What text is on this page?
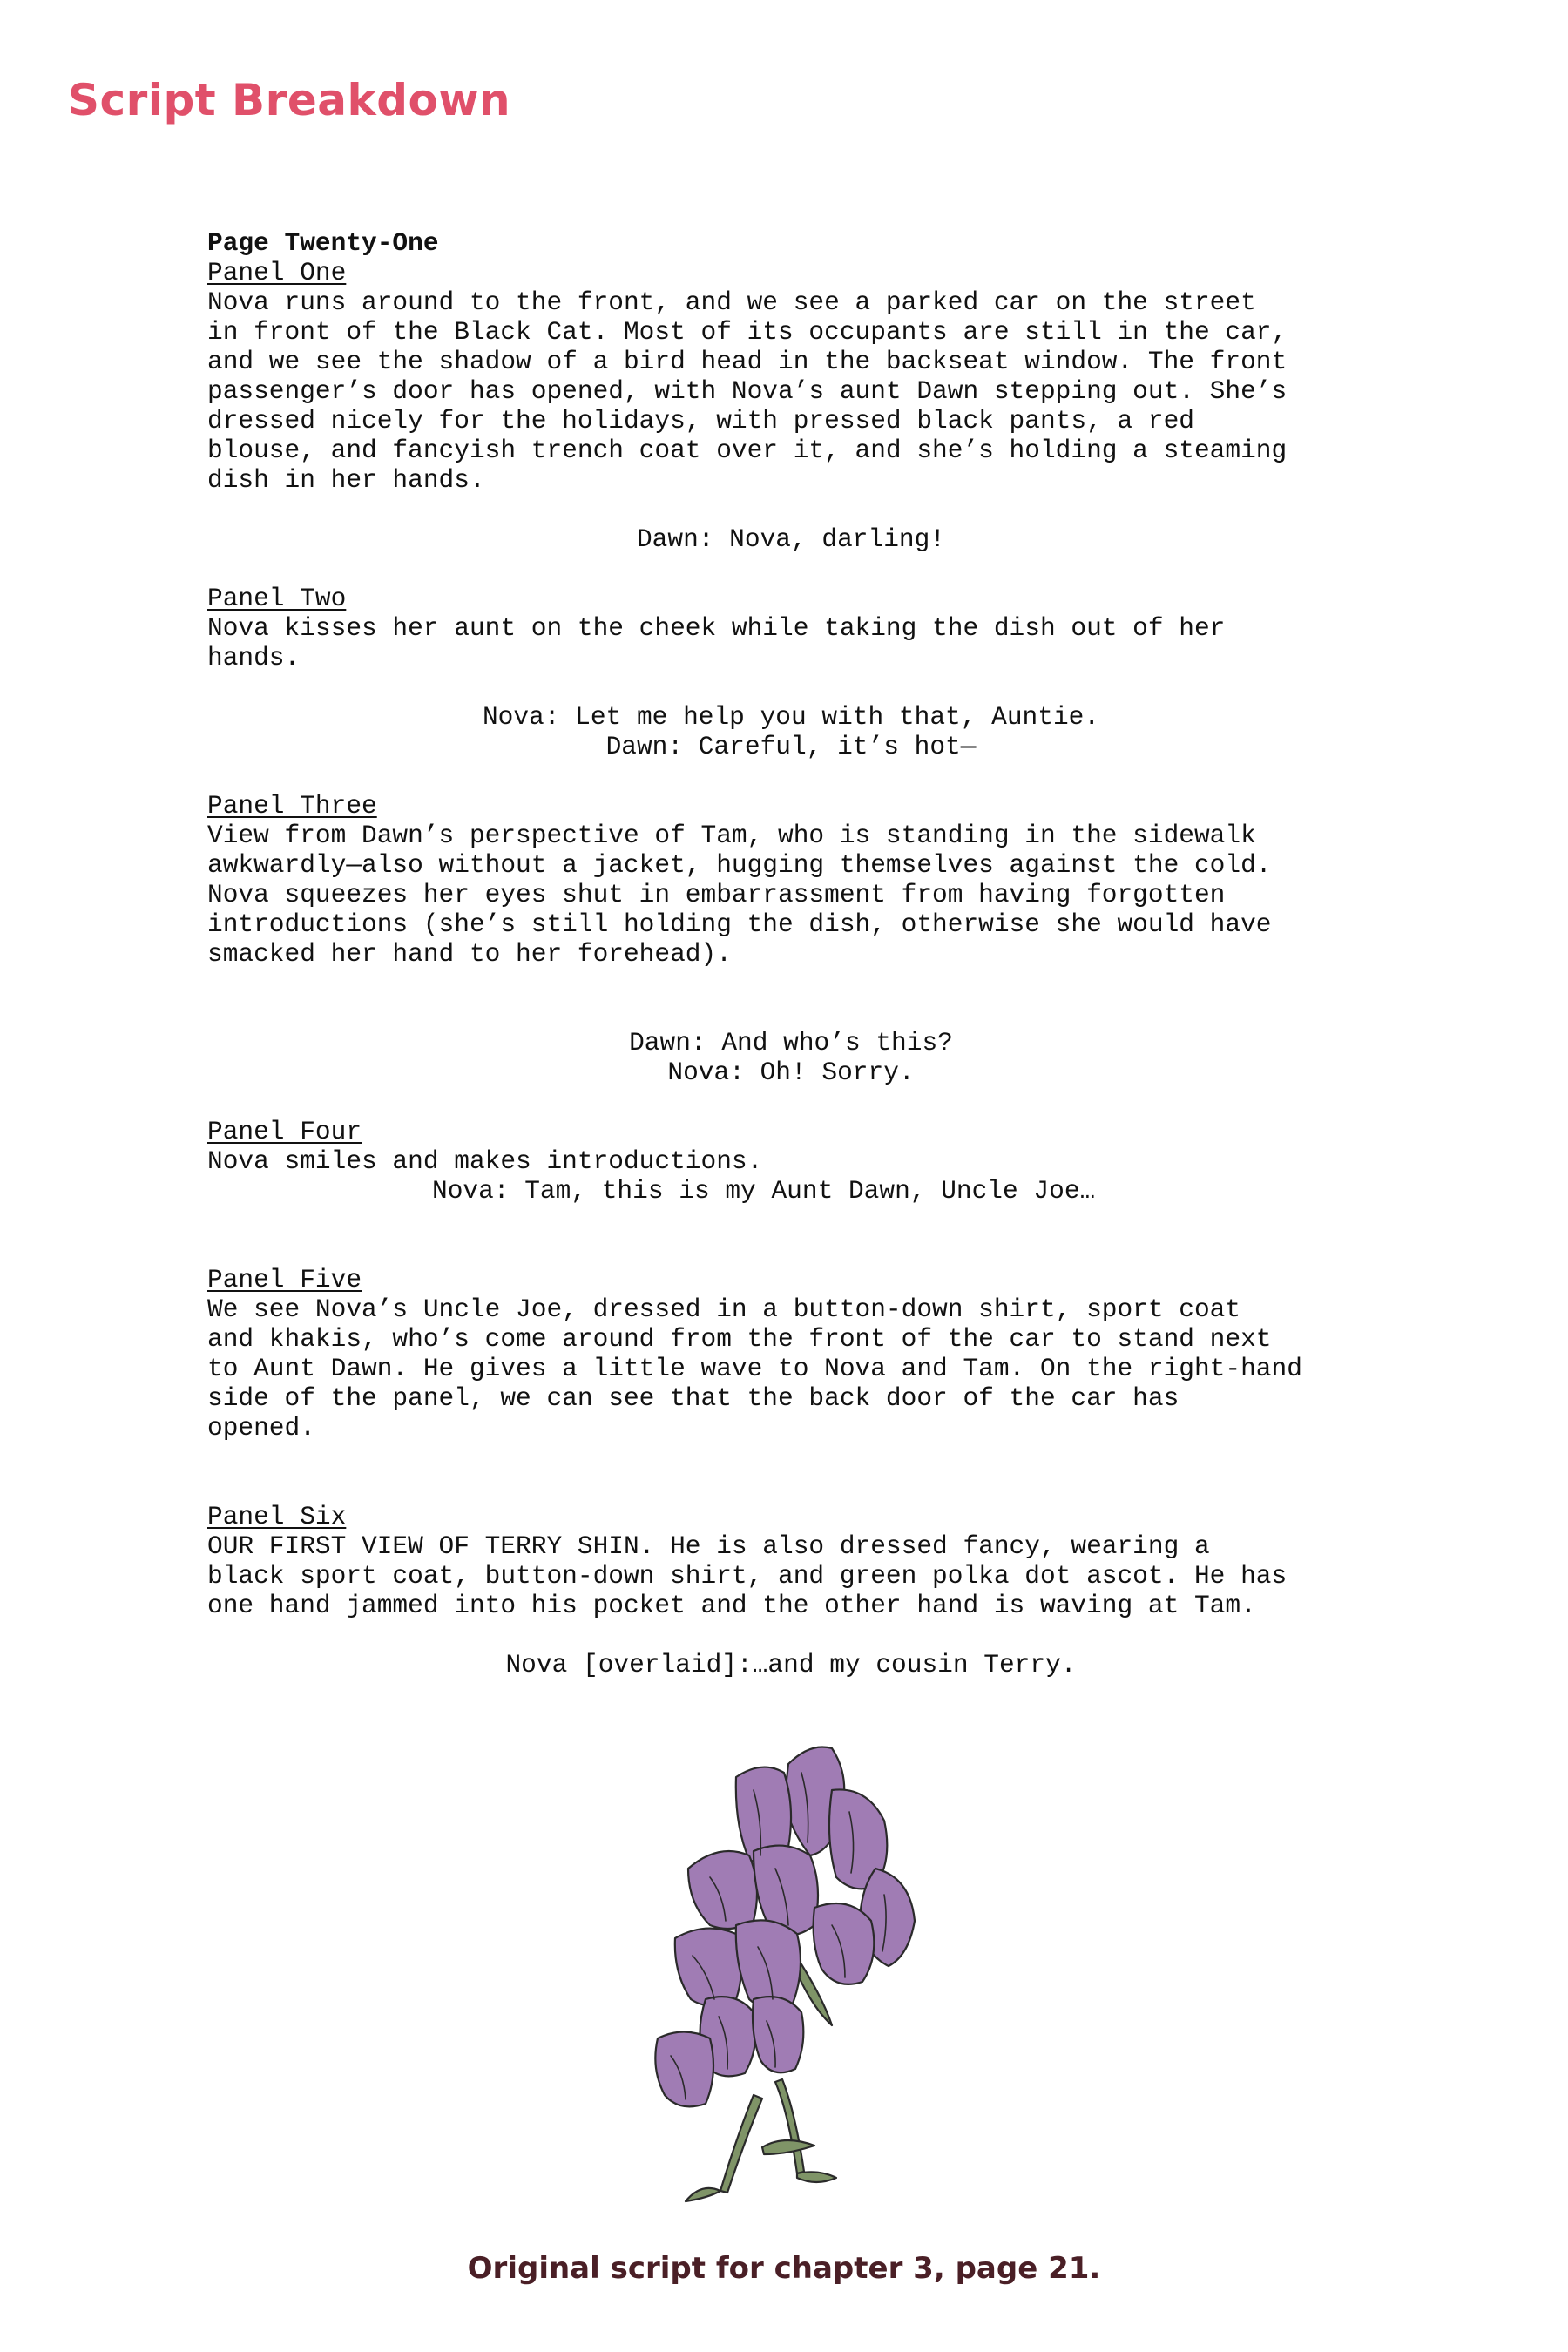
Script Breakdown

Page Twenty-One

Panel One

Nova runs around to the front, and we see a parked car on the street
in front of the Black Cat. Most of its occupants are still in the car,
and we see the shadow of a bird head in the backseat window. The front
passenger’s door has opened, with Nova’s aunt Dawn stepping out. She’s
dressed nicely for the holidays, with pressed black pants, a red
blouse, and fancyish trench coat over it, and she’s holding a steaming
dish in her hands.

Dawn: Nova, darling!

Panel Two

Nova kisses her aunt on the cheek while taking the dish out of her
hands.

Nova: Let me help you with that, Auntie.

Dawn: Careful, it’s hot—

Panel Three

View from Dawn’s perspective of Tam, who is standing in the sidewalk
awkwardly—also without a jacket, hugging themselves against the cold.
Nova squeezes her eyes shut in embarrassment from having forgotten
introductions (she’s still holding the dish, otherwise she would have
smacked her hand to her forehead).

Dawn: And who’s this?

Nova: Oh! Sorry.

Panel Four

Nova smiles and makes introductions.

Nova: Tam, this is my Aunt Dawn, Uncle Joe…

Panel Five

We see Nova’s Uncle Joe, dressed in a button-down shirt, sport coat
and khakis, who’s come around from the front of the car to stand next
to Aunt Dawn. He gives a little wave to Nova and Tam. On the right-hand
side of the panel, we can see that the back door of the car has
opened.

Panel Six

OUR FIRST VIEW OF TERRY SHIN. He is also dressed fancy, wearing a
black sport coat, button-down shirt, and green polka dot ascot. He has
one hand jammed into his pocket and the other hand is waving at Tam.

Nova [overlaid]:…and my cousin Terry.

Original script for chapter 3, page 21.
